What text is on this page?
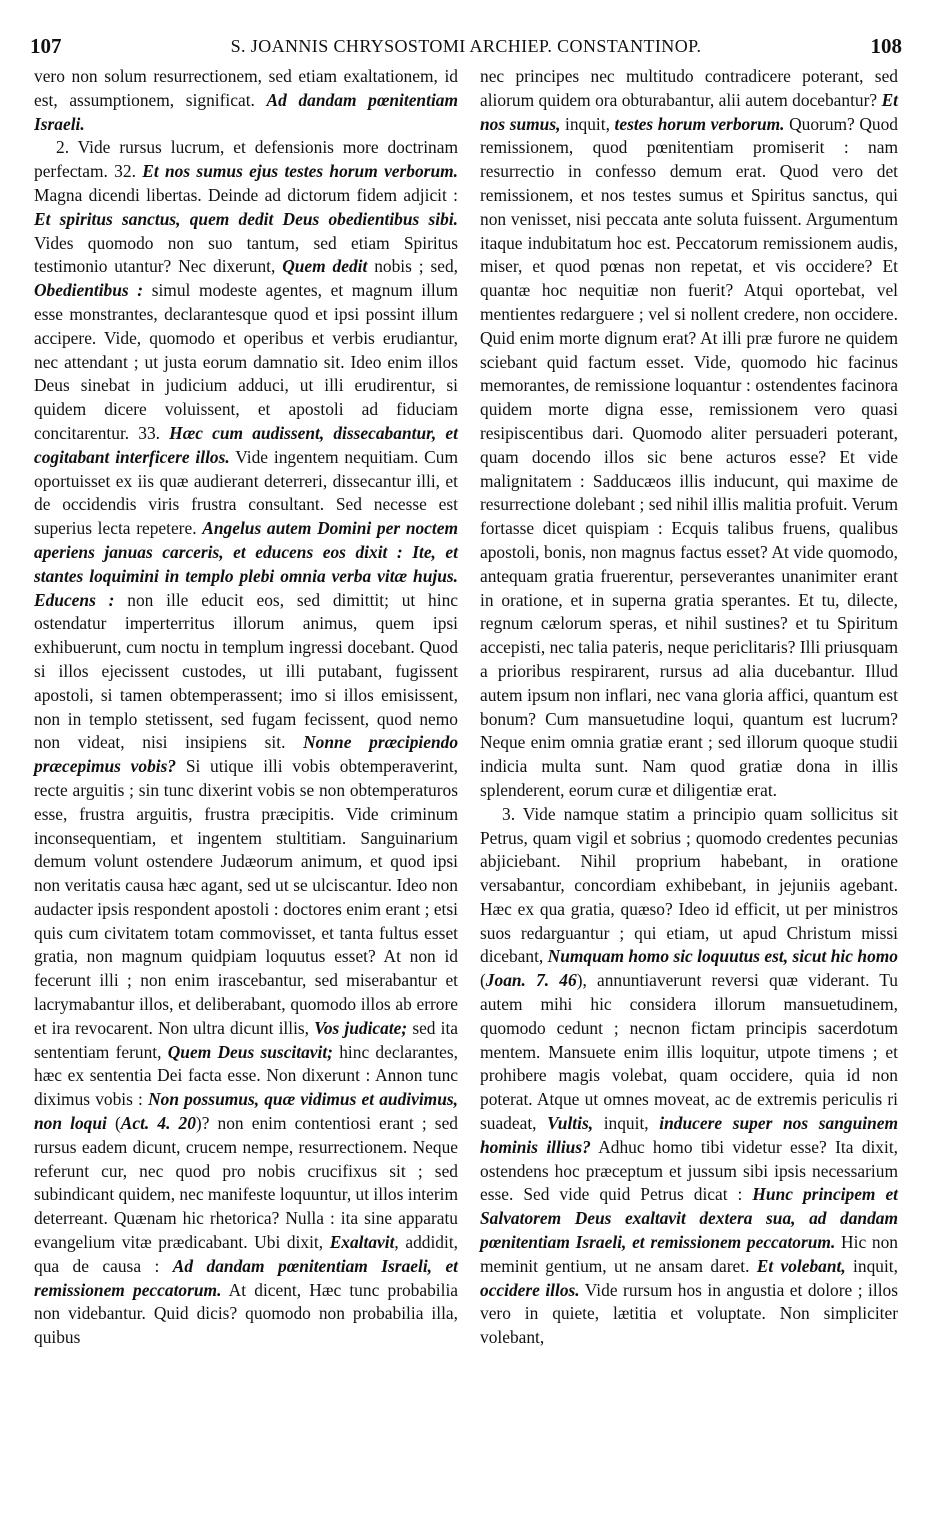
107	S. JOANNIS CHRYSOSTOMI ARCHIEP. CONSTANTINOP.	108

vero non solum resurrectionem, sed etiam exaltationem, id est, assumptionem, significat. Ad dandam pœnitentiam Israeli.

2. Vide rursus lucrum, et defensionis more doctrinam perfectam. 32. Et nos sumus ejus testes horum verborum. Magna dicendi libertas. Deinde ad dictorum fidem adjicit : Et spiritus sanctus, quem dedit Deus obedientibus sibi. Vides quomodo non suo tantum, sed etiam Spiritus testimonio utantur? Nec dixerunt, Quem dedit nobis ; sed, Obedientibus : simul modeste agentes, et magnum illum esse monstrantes, declarantesque quod et ipsi possint illum accipere. Vide, quomodo et operibus et verbis erudiantur, nec attendant ; ut justa eorum damnatio sit. Ideo enim illos Deus sinebat in judicium adduci, ut illi erudirentur, si quidem dicere voluissent, et apostoli ad fiduciam concitarentur. 33. Hæc cum audissent, dissecabantur, et cogitabant interficere illos. Vide ingentem nequitiam. Cum oportuisset ex iis quæ audierant deterreri, dissecantur illi, et de occidendis viris frustra consultant. Sed necesse est superius lecta repetere. Angelus autem Domini per noctem aperiens januas carceris, et educens eos dixit : Ite, et stantes loquimini in templo plebi omnia verba vitæ hujus. Educens : non ille educit eos, sed dimittit; ut hinc ostendatur imperterritus illorum animus, quem ipsi exhibuerunt, cum noctu in templum ingressi docebant. Quod si illos ejecissent custodes, ut illi putabant, fugissent apostoli, si tamen obtemperassent; imo si illos emisissent, non in templo stetissent, sed fugam fecissent, quod nemo non videat, nisi insipiens sit. Nonne præcipiendo præcepimus vobis? Si utique illi vobis obtemperaverint, recte arguitis ; sin tunc dixerint vobis se non obtemperaturos esse, frustra arguitis, frustra præcipitis. Vide criminum inconsequentiam, et ingentem stultitiam. Sanguinarium demum volunt ostendere Judæorum animum, et quod ipsi non veritatis causa hæc agant, sed ut se ulciscantur. Ideo non audacter ipsis respondent apostoli : doctores enim erant ; etsi quis cum civitatem totam commovisset, et tanta fultus esset gratia, non magnum quidpiam loquutus esset? At non id fecerunt illi ; non enim irascebantur, sed miserabantur et lacrymabantur illos, et deliberabant, quomodo illos ab errore et ira revocarent. Non ultra dicunt illis, Vos judicate; sed ita sententiam ferunt, Quem Deus suscitavit; hinc declarantes, hæc ex sententia Dei facta esse. Non dixerunt : Annon tunc diximus vobis : Non possumus, quæ vidimus et audivimus, non loqui (Act. 4. 20)? non enim contentiosi erant ; sed rursus eadem dicunt, crucem nempe, resurrectionem. Neque referunt cur, nec quod pro nobis crucifixus sit ; sed subindicant quidem, nec manifeste loquuntur, ut illos interim deterreant. Quænam hic rhetorica? Nulla : ita sine apparatu evangelium vitæ prædicabant. Ubi dixit, Exaltavit, addidit, qua de causa : Ad dandam pœnitentiam Israeli, et remissionem peccatorum. At dicent, Hæc tunc probabilia non videbantur. Quid dicis? quomodo non probabilia illa, quibus

nec principes nec multitudo contradicere poterant, sed aliorum quidem ora obturabantur, alii autem docebantur? Et nos sumus, inquit, testes horum verborum. Quorum? Quod remissionem, quod pœnitentiam promiserit : nam resurrectio in confesso demum erat. Quod vero det remissionem, et nos testes sumus et Spiritus sanctus, qui non venisset, nisi peccata ante soluta fuissent. Argumentum itaque indubitatum hoc est. Peccatorum remissionem audis, miser, et quod pœnas non repetat, et vis occidere? Et quantæ hoc nequitiæ non fuerit? Atqui oportebat, vel mentientes redarguere ; vel si nollent credere, non occidere. Quid enim morte dignum erat? At illi præ furore ne quidem sciebant quid factum esset. Vide, quomodo hic facinus memorantes, de remissione loquantur : ostendentes facinora quidem morte digna esse, remissionem vero quasi resipiscentibus dari. Quomodo aliter persuaderi poterant, quam docendo illos sic bene acturos esse? Et vide malignitatem : Sadducæos illis inducunt, qui maxime de resurrectione dolebant ; sed nihil illis malitia profuit. Verum fortasse dicet quispiam : Ecquis talibus fruens, qualibus apostoli, bonis, non magnus factus esset? At vide quomodo, antequam gratia fruerentur, perseverantes unanimiter erant in oratione, et in superna gratia sperantes. Et tu, dilecte, regnum cælorum speras, et nihil sustines? et tu Spiritum accepisti, nec talia pateris, neque periclitaris? Illi priusquam a prioribus respirarent, rursus ad alia ducebantur. Illud autem ipsum non inflari, nec vana gloria affici, quantum est bonum? Cum mansuetudine loqui, quantum est lucrum? Neque enim omnia gratiæ erant ; sed illorum quoque studii indicia multa sunt. Nam quod gratiæ dona in illis splenderent, eorum curæ et diligentiæ erat.

3. Vide namque statim a principio quam sollicitus sit Petrus, quam vigil et sobrius ; quomodo credentes pecunias abjiciebant. Nihil proprium habebant, in oratione versabantur, concordiam exhibebant, in jejuniis agebant. Hæc ex qua gratia, quæso? Ideo id efficit, ut per ministros suos redarguantur ; qui etiam, ut apud Christum missi dicebant, Numquam homo sic loquutus est, sicut hic homo (Joan. 7. 46), annuntiaverunt reversi quæ viderant. Tu autem mihi hic considera illorum mansuetudinem, quomodo cedunt ; necnon fictam principis sacerdotum mentem. Mansuete enim illis loquitur, utpote timens ; et prohibere magis volebat, quam occidere, quia id non poterat. Atque ut omnes moveat, ac de extremis periculis ri suadeat, Vultis, inquit, inducere super nos sanguinem hominis illius? Adhuc homo tibi videtur esse? Ita dixit, ostendens hoc præceptum et jussum sibi ipsis necessarium esse. Sed vide quid Petrus dicat : Hunc principem et Salvatorem Deus exaltavit dextera sua, ad dandam pœnitentiam Israeli, et remissionem peccatorum. Hic non meminit gentium, ut ne ansam daret. Et volebant, inquit, occidere illos. Vide rursum hos in angustia et dolore ; illos vero in quiete, lætitia et voluptate. Non simpliciter volebant,
